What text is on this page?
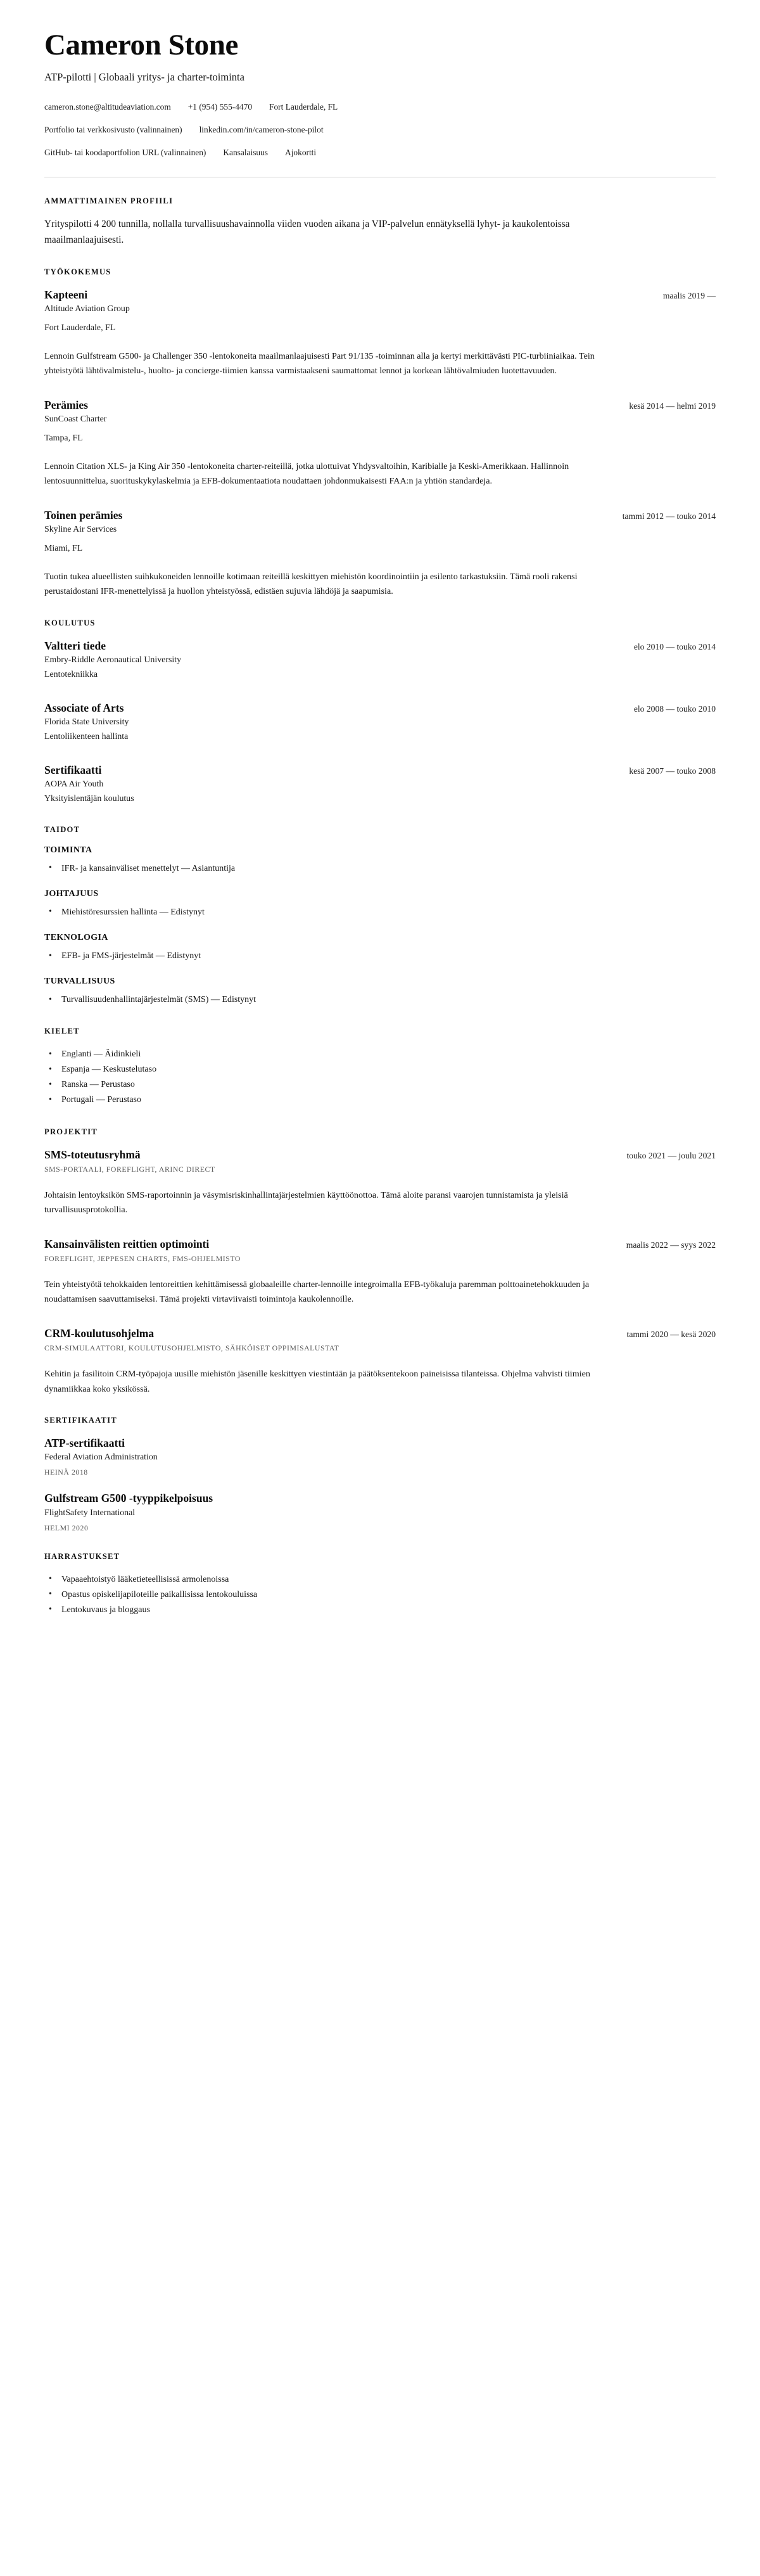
Cameron Stone

ATP-pilotti | Globaali yritys- ja charter-toiminta

cameron.stone@altitudeaviation.com +1 (954) 555-4470 Fort Lauderdale, FL
Portfolio tai verkkosivusto (valinnainen) linkedin.com/in/cameron-stone-pilot
GitHub- tai koodaportfolion URL (valinnainen) Kansalaisuus Ajokortti
AMMATTIMAINEN PROFIILI

Yrityspilotti 4 200 tunnilla, nollalla turvallisuushavainnolla viiden vuoden aikana ja VIP-palvelun ennätyksellä lyhyt- ja kaukolentoissa maailmanlaajuisesti.

TYÖKOKEMUS
Kapteeni	maalis 2019 —
Altitude Aviation Group
Fort Lauderdale, FL

Lennoin Gulfstream G500- ja Challenger 350 -lentokoneita maailmanlaajuisesti Part 91/135 -toiminnan alla ja kertyi merkittävästi PIC-turbiiniaikaa. Tein yhteistyötä lähtövalmistelu-, huolto- ja concierge-tiimien kanssa varmistaakseni saumattomat lennot ja korkean lähtövalmiuden luotettavuuden.

Perämies	kesä 2014 — helmi 2019
SunCoast Charter
Tampa, FL

Lennoin Citation XLS- ja King Air 350 -lentokoneita charter-reiteillä, jotka ulottuivat Yhdysvaltoihin, Karibialle ja Keski-Amerikkaan. Hallinnoin lentosuunnittelua, suorituskykylaskelmia ja EFB-dokumentaatiota noudattaen johdonmukaisesti FAA:n ja yhtiön standardeja.

Toinen perämies	tammi 2012 — touko 2014
Skyline Air Services
Miami, FL

Tuotin tukea alueellisten suihkukoneiden lennoille kotimaan reiteillä keskittyen miehistön koordinointiin ja esilento tarkastuksiin. Tämä rooli rakensi perustaidostani IFR-menettelyissä ja huollon yhteistyössä, edistäen sujuvia lähdöjä ja saapumisia.

KOULUTUS
Valtteri tiede	elo 2010 — touko 2014
Embry-Riddle Aeronautical University
Lentotekniikka
Associate of Arts	elo 2008 — touko 2010
Florida State University
Lentoliikenteen hallinta
Sertifikaatti	kesä 2007 — touko 2008
AOPA Air Youth
Yksityislentäjän koulutus
TAIDOT
TOIMINTA
• IFR- ja kansainväliset menettelyt — Asiantuntija
JOHTAJUUS
• Miehistöresurssien hallinta — Edistynyt
TEKNOLOGIA
• EFB- ja FMS-järjestelmät — Edistynyt
TURVALLISUUS
• Turvallisuudenhallintajärjestelmät (SMS) — Edistynyt
KIELET
• Englanti — Äidinkieli
• Espanja — Keskustelutaso
• Ranska — Perustaso
• Portugali — Perustaso
PROJEKTIT
SMS-toteutusryhmä	touko 2021 — joulu 2021
SMS-PORTAALI, FOREFLIGHT, ARINC DIRECT

Johtaisin lentoyksikön SMS-raportoinnin ja väsymisriskinhallintajärjestelmien käyttöönottoa. Tämä aloite paransi vaarojen tunnistamista ja yleisiä turvallisuusprotokollia.

Kansainvälisten reittien optimointi	maalis 2022 — syys 2022
FOREFLIGHT, JEPPESEN CHARTS, FMS-OHJELMISTO

Tein yhteistyötä tehokkaiden lentoreittien kehittämisessä globaaleille charter-lennoille integroimalla EFB-työkaluja paremman polttoainetehokkuuden ja noudattamisen saavuttamiseksi. Tämä projekti virtaviivaisti toimintoja kaukolennoille.

CRM-koulutusohjelma	tammi 2020 — kesä 2020
CRM-SIMULAATTORI, KOULUTUSOHJELMISTO, SÄHKÖISET OPPIMISALUSTAT

Kehitin ja fasilitoin CRM-työpajoja uusille miehistön jäsenille keskittyen viestintään ja päätöksentekoon paineisissa tilanteissa. Ohjelma vahvisti tiimien dynamiikkaa koko yksikössä.

SERTIFIKAATIT
ATP-sertifikaatti
Federal Aviation Administration
HEINÄ 2018
Gulfstream G500 -tyyppikelpoisuus
FlightSafety International
HELMI 2020
HARRASTUKSET
• Vapaaehtoistyö lääketieteellisissä armolenoissa
• Opastus opiskelijapiloteille paikallisissa lentokouluissa
• Lentokuvaus ja bloggaus
